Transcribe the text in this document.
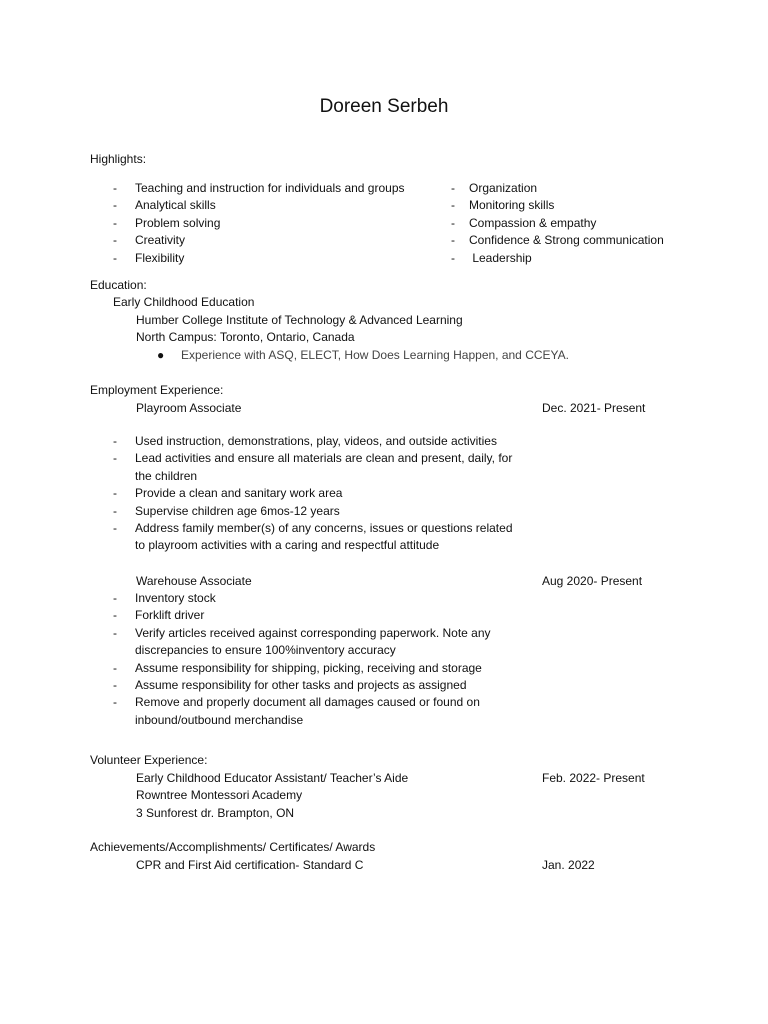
Doreen Serbeh
Highlights:
- Teaching and instruction for individuals and groups
- Analytical skills
- Problem solving
- Creativity
- Flexibility
- Organization
- Monitoring skills
- Compassion & empathy
- Confidence & Strong communication
- Leadership
Education:
Early Childhood Education
Humber College Institute of Technology & Advanced Learning
North Campus: Toronto, Ontario, Canada
● Experience with ASQ, ELECT, How Does Learning Happen, and CCEYA.
Employment Experience:
Playroom Associate	Dec. 2021- Present
- Used instruction, demonstrations, play, videos, and outside activities
- Lead activities and ensure all materials are clean and present, daily, for the children
- Provide a clean and sanitary work area
- Supervise children age 6mos-12 years
- Address family member(s) of any concerns, issues or questions related to playroom activities with a caring and respectful attitude
Warehouse Associate	Aug 2020- Present
- Inventory stock
- Forklift driver
- Verify articles received against corresponding paperwork. Note any discrepancies to ensure 100%inventory accuracy
- Assume responsibility for shipping, picking, receiving and storage
- Assume responsibility for other tasks and projects as assigned
- Remove and properly document all damages caused or found on inbound/outbound merchandise
Volunteer Experience:
Early Childhood Educator Assistant/ Teacher’s Aide	Feb. 2022- Present
Rowntree Montessori Academy
3 Sunforest dr. Brampton, ON
Achievements/Accomplishments/ Certificates/ Awards
CPR and First Aid certification- Standard C	Jan. 2022
